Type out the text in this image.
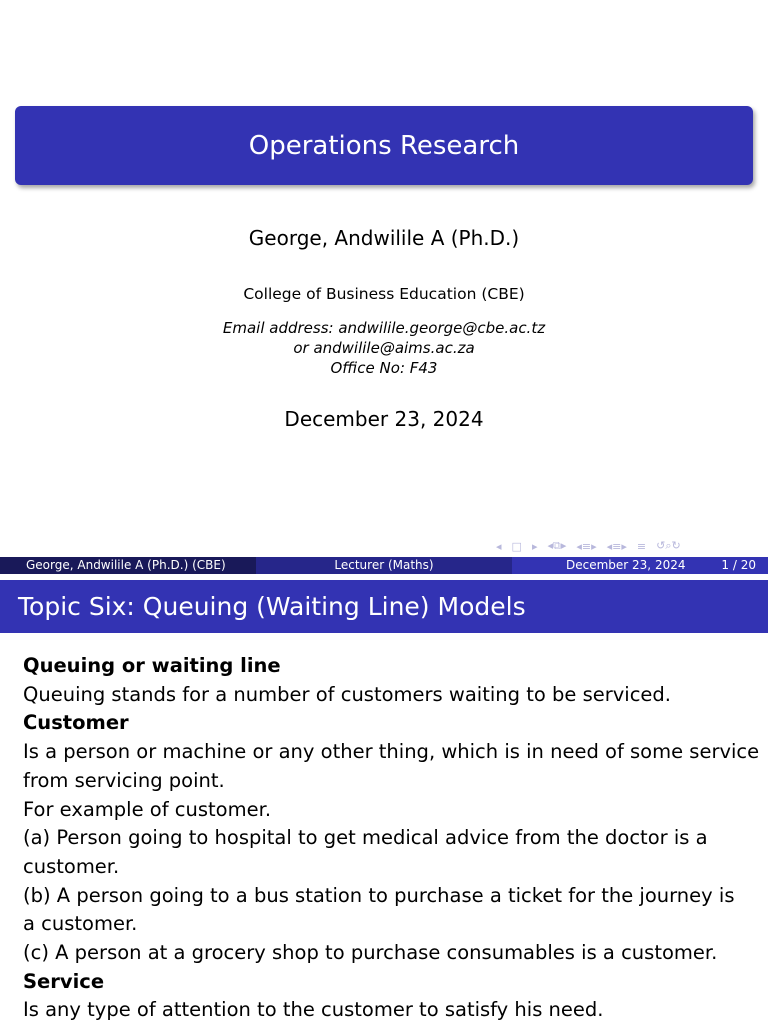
Operations Research
George, Andwilile A (Ph.D.)
College of Business Education (CBE)
Email address: andwilile.george@cbe.ac.tz
or andwilile@aims.ac.za
Office No: F43
December 23, 2024
◂ □ ▸ ◂⧉▸ ◂≡▸ ◂≡▸ ≡ ↺⌕↻
George, Andwilile A (Ph.D.) (CBE)	Lecturer (Maths)	December 23, 2024	1 / 20
Topic Six: Queuing (Waiting Line) Models
Queuing or waiting line
Queuing stands for a number of customers waiting to be serviced.
Customer
Is a person or machine or any other thing, which is in need of some service
from servicing point.
For example of customer.
(a) Person going to hospital to get medical advice from the doctor is a
customer.
(b) A person going to a bus station to purchase a ticket for the journey is
a customer.
(c) A person at a grocery shop to purchase consumables is a customer.
Service
Is any type of attention to the customer to satisfy his need.
